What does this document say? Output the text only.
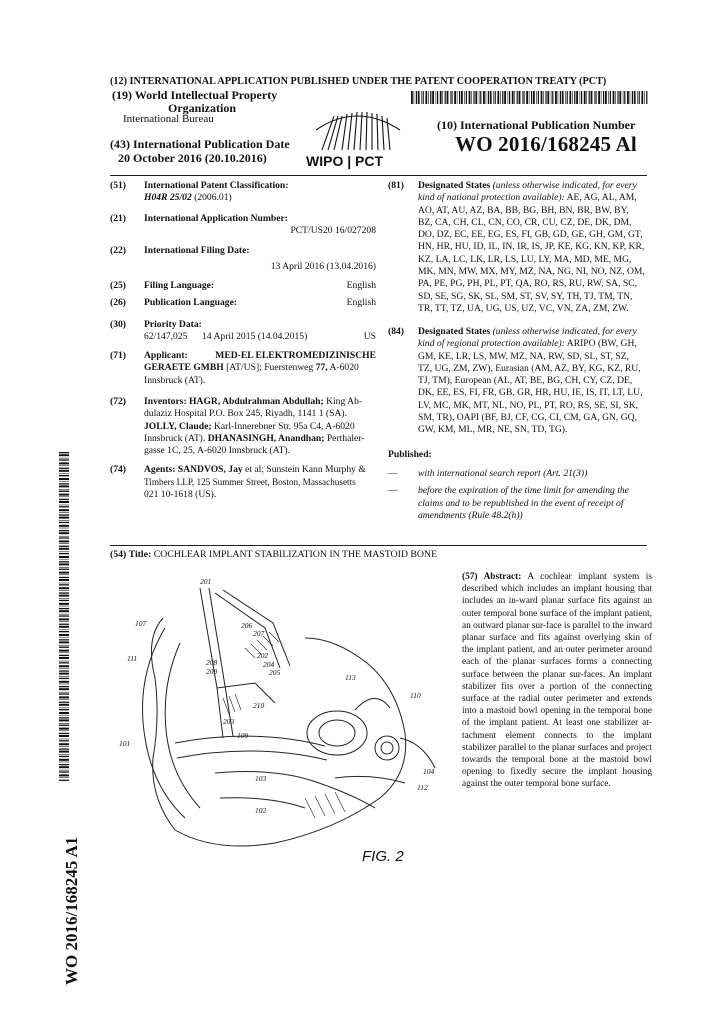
(12) INTERNATIONAL APPLICATION PUBLISHED UNDER THE PATENT COOPERATION TREATY (PCT)
(19) World Intellectual Property

Organization
International Bureau
(43) International Publication Date
20 October 2016 (20.10.2016)	WIPO | PCT
(10) International Publication Number
WO 2016/168245 Al
(51) International Patent Classification:
H04R 25/02 (2006.01)
(21) International Application Number:
PCT/US20 16/027208
(22) International Filing Date:
13 April 2016 (13.04.2016)
(25) Filing Language:	English
(26) Publication Language:	English
(30) Priority Data:
62/147,025 14 April 2015 (14.04.2015)	US
(71) Applicant:	MED-EL ELEKTROMEDIZINISCHE
GERAETE GMBH [AT/US]; Fuerstenweg 77, A-6020
Innsbruck (AT).
(72) Inventors: HAGR, Abdulrahman Abdullah; King Ab-
dulaziz Hospital P.O. Box 245, Riyadh, 1141 1 (SA).
JOLLY, Claude; Karl-Innerebner Str. 95a C4, A-6020
Innsbruck (AT). DHANASINGH, Anandhan; Perthaler-
gasse 1C, 25, A-6020 Innsbruck (AT).
(74) Agents: SANDVOS, Jay et al; Sunstein Kann Murphy &
Timbers LLP, 125 Summer Street, Boston, Massachusetts
021 10-1618 (US).
(81) Designated States (unless otherwise indicated, for every
kind of national protection available): AE, AG, AL, AM,
AO, AT, AU, AZ, BA, BB, BG, BH, BN, BR, BW, BY,
BZ, CA, CH, CL, CN, CO, CR, CU, CZ, DE, DK, DM,
DO, DZ, EC, EE, EG, ES, FI, GB, GD, GE, GH, GM, GT,
HN, HR, HU, ID, IL, IN, IR, IS, JP, KE, KG, KN, KP, KR,
KZ, LA, LC, LK, LR, LS, LU, LY, MA, MD, ME, MG,
MK, MN, MW, MX, MY, MZ, NA, NG, NI, NO, NZ, OM,
PA, PE, PG, PH, PL, PT, QA, RO, RS, RU, RW, SA, SC,
SD, SE, SG, SK, SL, SM, ST, SV, SY, TH, TJ, TM, TN,
TR, TT, TZ, UA, UG, US, UZ, VC, VN, ZA, ZM, ZW.
(84) Designated States (unless otherwise indicated, for every
kind of regional protection available): ARIPO (BW, GH,
GM, KE, LR, LS, MW, MZ, NA, RW, SD, SL, ST, SZ,
TZ, UG, ZM, ZW), Eurasian (AM, AZ, BY, KG, KZ, RU,
TJ, TM), European (AL, AT, BE, BG, CH, CY, CZ, DE,
DK, EE, ES, FI, FR, GB, GR, HR, HU, IE, IS, IT, LT, LU,
LV, MC, MK, MT, NL, NO, PL, PT, RO, RS, SE, SI, SK,
SM, TR), OAPI (BF, BJ, CF, CG, CI, CM, GA, GN, GQ,
GW, KM, ML, MR, NE, SN, TD, TG).
Published:
— with international search report (Art. 21(3))
— before the expiration of the time limit for amending the
claims and to be republished in the event of receipt of
amendments (Rule 48.2(h))
WO 2016/168245 A1
(54) Title: COCHLEAR IMPLANT STABILIZATION IN THE MASTOID BONE
(57) Abstract: A cochlear implant system is described which includes an implant housing that includes an in-ward planar surface fits against an outer temporal bone surface of the implant patient, an outward planar sur-face is parallel to the inward planar surface and fits against overlying skin of the implant patient, and an outer perimeter around each of the planar surfaces forms a connecting surface between the planar sur-faces. An implant stabilizer fits over a portion of the connecting surface at the radial outer perimeter and extends into a mastoid bowl opening in the temporal bone of the implant patient. At least one stabilizer at-tachment element connects to the implant stabilizer parallel to the planar surfaces and project towards the temporal bone at the mastoid bowl opening to fixedly secure the implant housing against the outer temporal bone surface.
201
206
207
107
202
204
205
208
209
111
113
110
210
203
109
101
104
112
103
102
FIG. 2
